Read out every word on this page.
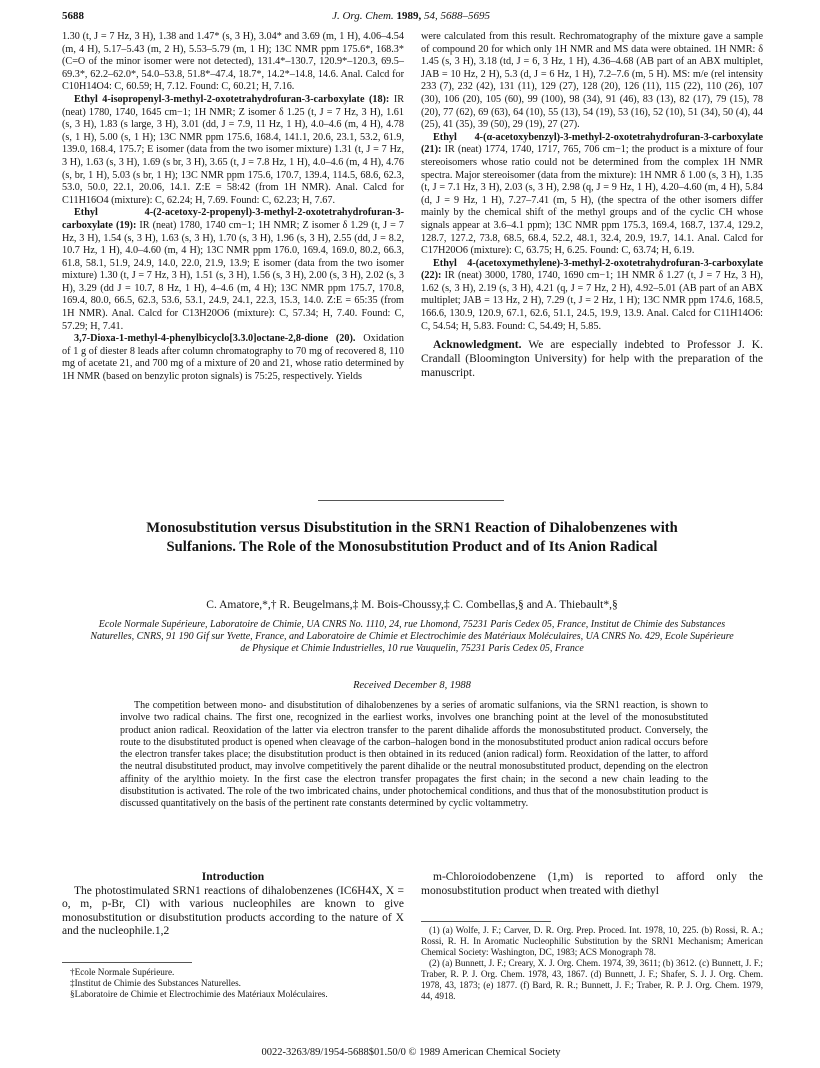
5688	J. Org. Chem. 1989, 54, 5688–5695

1.30 (t, J = 7 Hz, 3 H), 1.38 and 1.47* (s, 3 H), 3.04* and 3.69 (m, 1 H), 4.06–4.54 (m, 4 H), 5.17–5.43 (m, 2 H), 5.53–5.79 (m, 1 H); 13C NMR ppm 175.6*, 168.3* (C=O of the minor isomer were not detected), 131.4*–130.7, 120.9*–120.3, 69.5–69.3*, 62.2–62.0*, 54.0–53.8, 51.8*–47.4, 18.7*, 14.2*–14.8, 14.6. Anal. Calcd for C10H14O4: C, 60.59; H, 7.12. Found: C, 60.21; H, 7.16.

Ethyl 4-isopropenyl-3-methyl-2-oxotetrahydrofuran-3-carboxylate (18): IR (neat) 1780, 1740, 1645 cm−1; 1H NMR; Z isomer δ 1.25 (t, J = 7 Hz, 3 H), 1.61 (s, 3 H), 1.83 (s large, 3 H), 3.01 (dd, J = 7.9, 11 Hz, 1 H), 4.0–4.6 (m, 4 H), 4.78 (s, 1 H), 5.00 (s, 1 H); 13C NMR ppm 175.6, 168.4, 141.1, 20.6, 23.1, 53.2, 61.9, 139.0, 168.4, 175.7; E isomer (data from the two isomer mixture) 1.31 (t, J = 7 Hz, 3 H), 1.63 (s, 3 H), 1.69 (s br, 3 H), 3.65 (t, J = 7.8 Hz, 1 H), 4.0–4.6 (m, 4 H), 4.76 (s, br, 1 H), 5.03 (s br, 1 H); 13C NMR ppm 175.6, 170.7, 139.4, 114.5, 68.6, 62.3, 53.0, 50.0, 22.1, 20.06, 14.1. Z:E = 58:42 (from 1H NMR). Anal. Calcd for C11H16O4 (mixture): C, 62.24; H, 7.69. Found: C, 62.23; H, 7.67.

Ethyl 4-(2-acetoxy-2-propenyl)-3-methyl-2-oxotetrahydrofuran-3-carboxylate (19): IR (neat) 1780, 1740 cm−1; 1H NMR; Z isomer δ 1.29 (t, J = 7 Hz, 3 H), 1.54 (s, 3 H), 1.63 (s, 3 H), 1.70 (s, 3 H), 1.96 (s, 3 H), 2.55 (dd, J = 8.2, 10.7 Hz, 1 H), 4.0–4.60 (m, 4 H); 13C NMR ppm 176.0, 169.4, 169.0, 80.2, 66.3, 61.8, 58.1, 51.9, 24.9, 14.0, 22.0, 21.9, 13.9; E isomer (data from the two isomer mixture) 1.30 (t, J = 7 Hz, 3 H), 1.51 (s, 3 H), 1.56 (s, 3 H), 2.00 (s, 3 H), 2.02 (s, 3 H), 3.29 (dd J = 10.7, 8 Hz, 1 H), 4–4.6 (m, 4 H); 13C NMR ppm 175.7, 170.8, 169.4, 80.0, 66.5, 62.3, 53.6, 53.1, 24.9, 24.1, 22.3, 15.3, 14.0. Z:E = 65:35 (from 1H NMR). Anal. Calcd for C13H20O6 (mixture): C, 57.34; H, 7.40. Found: C, 57.29; H, 7.41.

3,7-Dioxa-1-methyl-4-phenylbicyclo[3.3.0]octane-2,8-dione (20). Oxidation of 1 g of diester 8 leads after column chromatography to 70 mg of recovered 8, 110 mg of acetate 21, and 700 mg of a mixture of 20 and 21, whose ratio determined by 1H NMR (based on benzylic proton signals) is 75:25, respectively. Yields

were calculated from this result. Rechromatography of the mixture gave a sample of compound 20 for which only 1H NMR and MS data were obtained. 1H NMR: δ 1.45 (s, 3 H), 3.18 (td, J = 6, 3 Hz, 1 H), 4.36–4.68 (AB part of an ABX multiplet, JAB = 10 Hz, 2 H), 5.3 (d, J = 6 Hz, 1 H), 7.2–7.6 (m, 5 H). MS: m/e (rel intensity 233 (7), 232 (42), 131 (11), 129 (27), 128 (20), 126 (11), 115 (22), 110 (26), 107 (30), 106 (20), 105 (60), 99 (100), 98 (34), 91 (46), 83 (13), 82 (17), 79 (15), 78 (20), 77 (62), 69 (63), 64 (10), 55 (13), 54 (19), 53 (16), 52 (10), 51 (34), 50 (4), 44 (25), 41 (35), 39 (50), 29 (19), 27 (27).

Ethyl 4-(α-acetoxybenzyl)-3-methyl-2-oxotetrahydrofuran-3-carboxylate (21): IR (neat) 1774, 1740, 1717, 765, 706 cm−1; the product is a mixture of four stereoisomers whose ratio could not be determined from the complex 1H NMR spectra. Major stereoisomer (data from the mixture): 1H NMR δ 1.00 (s, 3 H), 1.35 (t, J = 7.1 Hz, 3 H), 2.03 (s, 3 H), 2.98 (q, J = 9 Hz, 1 H), 4.20–4.60 (m, 4 H), 5.84 (d, J = 9 Hz, 1 H), 7.27–7.41 (m, 5 H), (the spectra of the other isomers differ mainly by the chemical shift of the methyl groups and of the cyclic CH whose signals appear at 3.6–4.1 ppm); 13C NMR ppm 175.3, 169.4, 168.7, 137.4, 129.2, 128.7, 127.2, 73.8, 68.5, 68.4, 52.2, 48.1, 32.4, 20.9, 19.7, 14.1. Anal. Calcd for C17H20O6 (mixture): C, 63.75; H, 6.25. Found: C, 63.74; H, 6.19.

Ethyl 4-(acetoxymethylene)-3-methyl-2-oxotetrahydrofuran-3-carboxylate (22): IR (neat) 3000, 1780, 1740, 1690 cm−1; 1H NMR δ 1.27 (t, J = 7 Hz, 3 H), 1.62 (s, 3 H), 2.19 (s, 3 H), 4.21 (q, J = 7 Hz, 2 H), 4.92–5.01 (AB part of an ABX multiplet; JAB = 13 Hz, 2 H), 7.29 (t, J = 2 Hz, 1 H); 13C NMR ppm 174.6, 168.5, 166.6, 130.9, 120.9, 67.1, 62.6, 51.1, 24.5, 19.9, 13.9. Anal. Calcd for C11H14O6: C, 54.54; H, 5.83. Found: C, 54.49; H, 5.85.

Acknowledgment. We are especially indebted to Professor J. K. Crandall (Bloomington University) for help with the preparation of the manuscript.

Monosubstitution versus Disubstitution in the SRN1 Reaction of Dihalobenzenes with Sulfanions. The Role of the Monosubstitution Product and of Its Anion Radical
C. Amatore,*,† R. Beugelmans,‡ M. Bois-Choussy,‡ C. Combellas,§ and A. Thiebault*,§
Ecole Normale Supérieure, Laboratoire de Chimie, UA CNRS No. 1110, 24, rue Lhomond, 75231 Paris Cedex 05, France, Institut de Chimie des Substances Naturelles, CNRS, 91 190 Gif sur Yvette, France, and Laboratoire de Chimie et Electrochimie des Matériaux Moléculaires, UA CNRS No. 429, Ecole Supérieure de Physique et Chimie Industrielles, 10 rue Vauquelin, 75231 Paris Cedex 05, France
Received December 8, 1988
The competition between mono- and disubstitution of dihalobenzenes by a series of aromatic sulfanions, via the SRN1 reaction, is shown to involve two radical chains. The first one, recognized in the earliest works, involves one branching point at the level of the monosubstituted product anion radical. Reoxidation of the latter via electron transfer to the parent dihalide affords the monosubstituted product. Conversely, the route to the disubstituted product is opened when cleavage of the carbon–halogen bond in the monosubstituted product anion radical occurs before the electron transfer takes place; the disubstitution product is then obtained in its reduced (anion radical) form. Reoxidation of the latter, to afford the neutral disubstituted product, may involve competitively the parent dihalide or the neutral monosubstituted product, depending on the electron affinity of the arylthio moiety. In the first case the electron transfer propagates the first chain; in the second a new chain leading to the disubstitution is activated. The role of the two imbricated chains, under photochemical conditions, and thus that of the monosubstitution product is discussed quantitatively on the basis of the pertinent rate constants determined by cyclic voltammetry.

Introduction

The photostimulated SRN1 reactions of dihalobenzenes (IC6H4X, X = o, m, p-Br, Cl) with various nucleophiles are known to give monosubstitution or disubstitution products according to the nature of X and the nucleophile.1,2

m-Chloroiodobenzene (1,m) is reported to afford only the monosubstitution product when treated with diethyl

†Ecole Normale Supérieure.

‡Institut de Chimie des Substances Naturelles.

§Laboratoire de Chimie et Electrochimie des Matériaux Moléculaires.

(1) (a) Wolfe, J. F.; Carver, D. R. Org. Prep. Proced. Int. 1978, 10, 225. (b) Rossi, R. A.; Rossi, R. H. In Aromatic Nucleophilic Substitution by the SRN1 Mechanism; American Chemical Society: Washington, DC, 1983; ACS Monograph 78.

(2) (a) Bunnett, J. F.; Creary, X. J. Org. Chem. 1974, 39, 3611; (b) 3612. (c) Bunnett, J. F.; Traber, R. P. J. Org. Chem. 1978, 43, 1867. (d) Bunnett, J. F.; Shafer, S. J. J. Org. Chem. 1978, 43, 1873; (e) 1877. (f) Bard, R. R.; Bunnett, J. F.; Traber, R. P. J. Org. Chem. 1979, 44, 4918.

0022-3263/89/1954-5688$01.50/0 © 1989 American Chemical Society
